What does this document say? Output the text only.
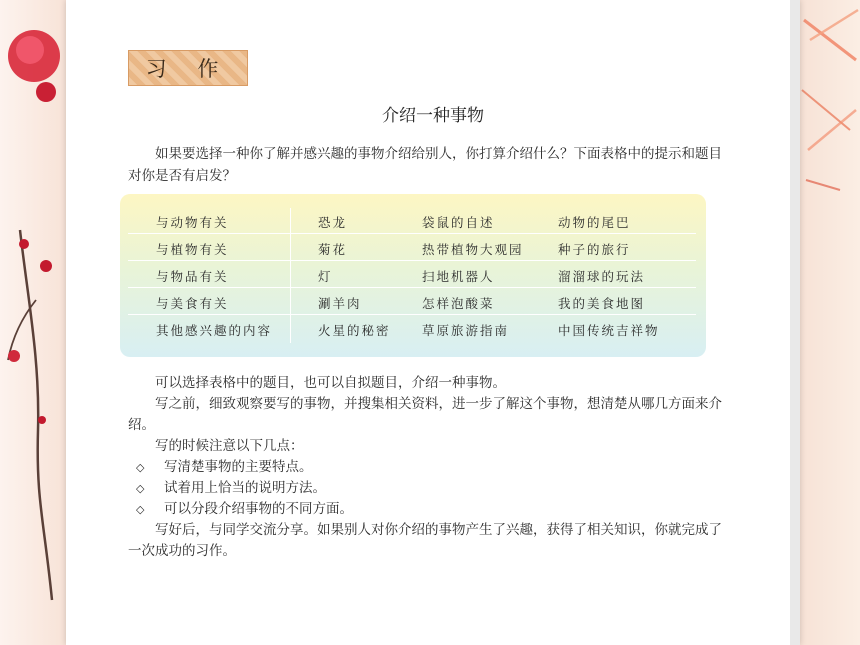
习 作
介绍一种事物

如果要选择一种你了解并感兴趣的事物介绍给别人，你打算介绍什么？下面表格中的提示和题目对你是否有启发？

与动物有关	恐龙	袋鼠的自述	动物的尾巴
与植物有关	菊花	热带植物大观园	种子的旅行
与物品有关	灯	扫地机器人	溜溜球的玩法
与美食有关	涮羊肉	怎样泡酸菜	我的美食地图
其他感兴趣的内容	火星的秘密	草原旅游指南	中国传统吉祥物

可以选择表格中的题目，也可以自拟题目，介绍一种事物。

写之前，细致观察要写的事物，并搜集相关资料，进一步了解这个事物，想清楚从哪几方面来介绍。

写的时候注意以下几点：

◇ 写清楚事物的主要特点。
◇ 试着用上恰当的说明方法。
◇ 可以分段介绍事物的不同方面。

写好后，与同学交流分享。如果别人对你介绍的事物产生了兴趣，获得了相关知识，你就完成了一次成功的习作。
